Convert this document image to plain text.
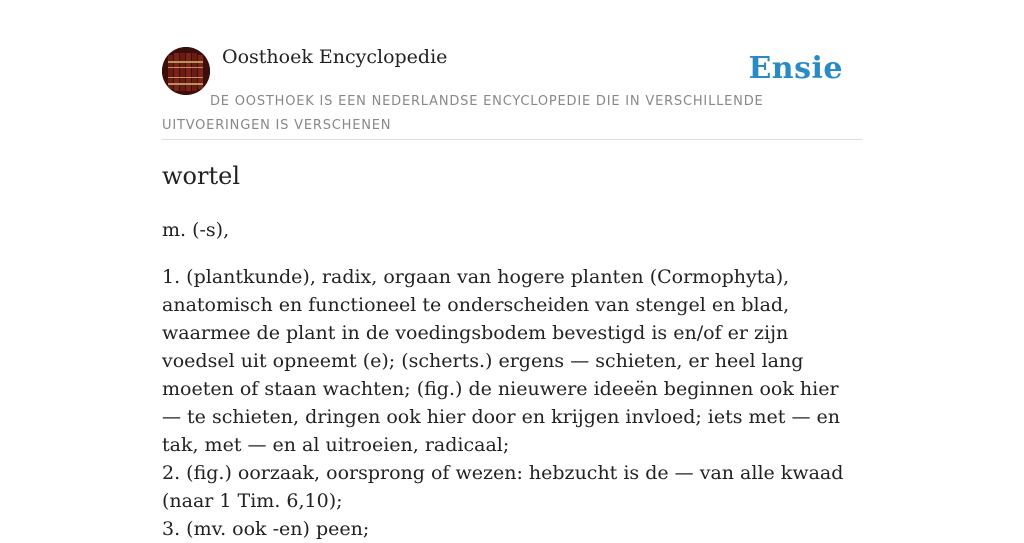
Oosthoek Encyclopedie	Ensie
DE OOSTHOEK IS EEN NEDERLANDSE ENCYCLOPEDIE DIE IN VERSCHILLENDE UITVOERINGEN IS VERSCHENEN
wortel
m. (-s),
1. (plantkunde), radix, orgaan van hogere planten (Cormophyta), anatomisch en functioneel te onderscheiden van stengel en blad, waarmee de plant in de voedingsbodem bevestigd is en/of er zijn voedsel uit opneemt (e); (scherts.) ergens — schieten, er heel lang moeten of staan wachten; (fig.) de nieuwere ideeën beginnen ook hier — te schieten, dringen ook hier door en krijgen invloed; iets met — en tak, met — en al uitroeien, radicaal;
2. (fig.) oorzaak, oorsprong of wezen: hebzucht is de — van alle kwaad (naar 1 Tim. 6,10);
3. (mv. ook -en) peen;
